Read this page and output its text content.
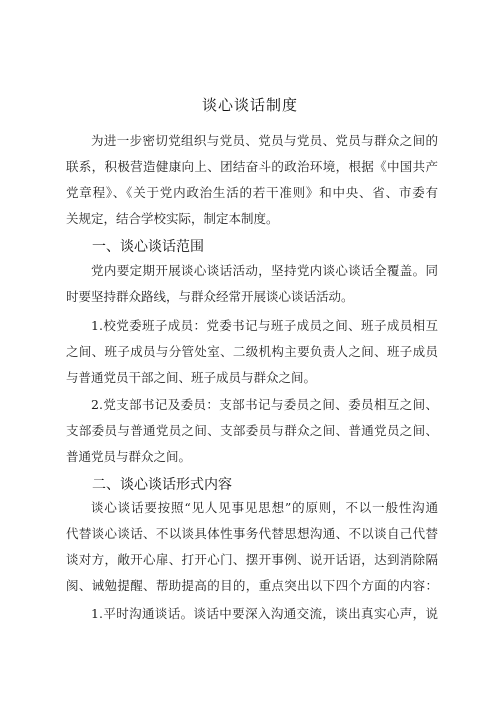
谈心谈话制度
为进一步密切党组织与党员、党员与党员、党员与群众之间的
联系，积极营造健康向上、团结奋斗的政治环境，根据《中国共产
党章程》、《关于党内政治生活的若干准则》和中央、省、市委有
关规定，结合学校实际，制定本制度。
一、谈心谈话范围
党内要定期开展谈心谈话活动，坚持党内谈心谈话全覆盖。同
时要坚持群众路线，与群众经常开展谈心谈话活动。
1.校党委班子成员：党委书记与班子成员之间、班子成员相互
之间、班子成员与分管处室、二级机构主要负责人之间、班子成员
与普通党员干部之间、班子成员与群众之间。
2.党支部书记及委员：支部书记与委员之间、委员相互之间、
支部委员与普通党员之间、支部委员与群众之间、普通党员之间、
普通党员与群众之间。
二、谈心谈话形式内容
谈心谈话要按照“见人见事见思想”的原则，不以一般性沟通
代替谈心谈话、不以谈具体性事务代替思想沟通、不以谈自己代替
谈对方，敞开心扉、打开心门、摆开事例、说开话语，达到消除隔
阂、诫勉提醒、帮助提高的目的，重点突出以下四个方面的内容：
1.平时沟通谈话。谈话中要深入沟通交流，谈出真实心声，说
